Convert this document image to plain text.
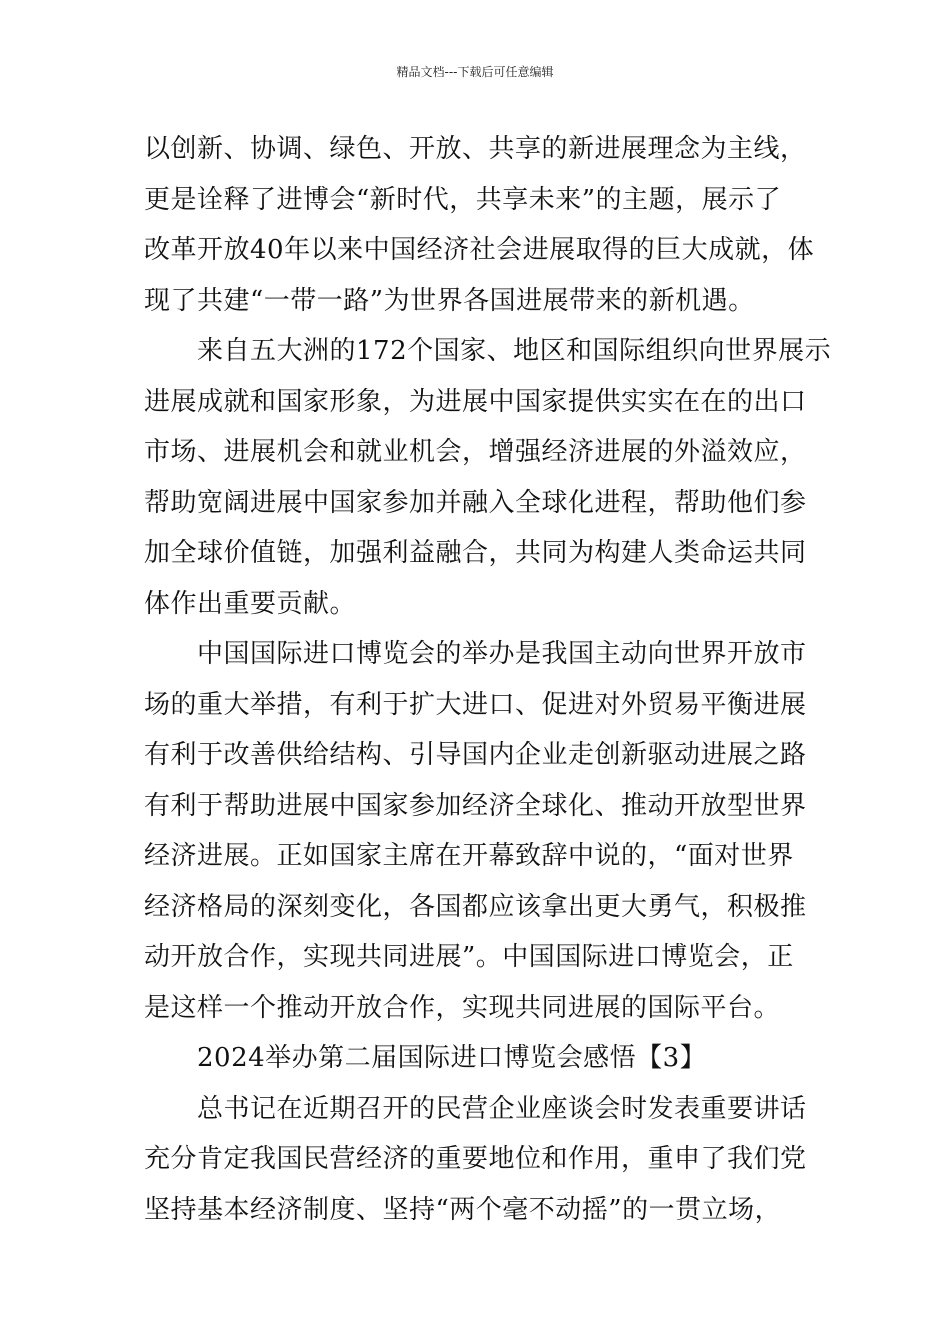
精品文档---下载后可任意编辑
以创新、协调、绿色、开放、共享的新进展理念为主线，
更是诠释了进博会“新时代，共享未来”的主题，展示了
改革开放40年以来中国经济社会进展取得的巨大成就，体
现了共建“一带一路”为世界各国进展带来的新机遇。
来自五大洲的172个国家、地区和国际组织向世界展示
进展成就和国家形象，为进展中国家提供实实在在的出口
市场、进展机会和就业机会，增强经济进展的外溢效应，
帮助宽阔进展中国家参加并融入全球化进程，帮助他们参
加全球价值链，加强利益融合，共同为构建人类命运共同
体作出重要贡献。
中国国际进口博览会的举办是我国主动向世界开放市
场的重大举措，有利于扩大进口、促进对外贸易平衡进展
有利于改善供给结构、引导国内企业走创新驱动进展之路
有利于帮助进展中国家参加经济全球化、推动开放型世界
经济进展。正如国家主席在开幕致辞中说的，“面对世界
经济格局的深刻变化，各国都应该拿出更大勇气，积极推
动开放合作，实现共同进展”。中国国际进口博览会，正
是这样一个推动开放合作，实现共同进展的国际平台。
2024举办第二届国际进口博览会感悟【3】
总书记在近期召开的民营企业座谈会时发表重要讲话
充分肯定我国民营经济的重要地位和作用，重申了我们党
坚持基本经济制度、坚持“两个毫不动摇”的一贯立场，
